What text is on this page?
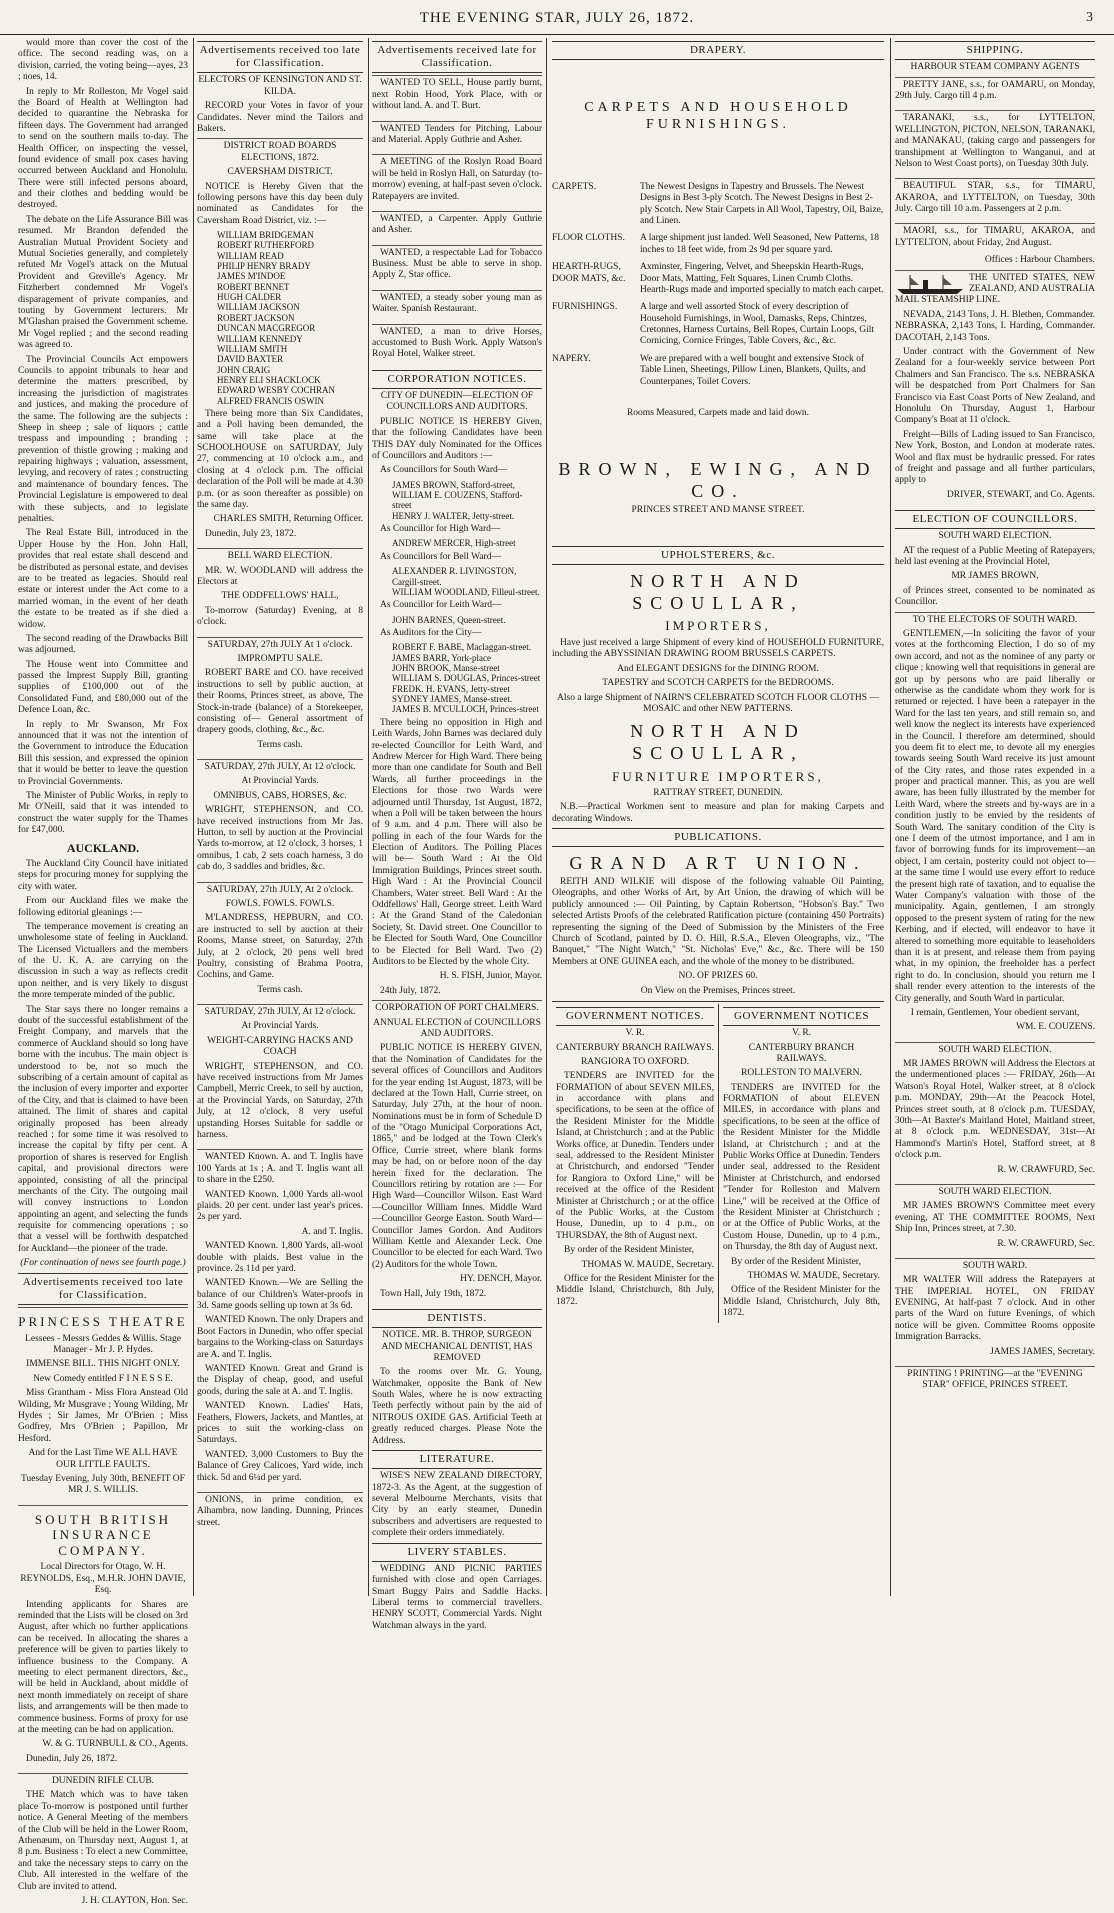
THE EVENING STAR, JULY 26, 1872.	3

would more than cover the cost of the office. The second reading was, on a division, carried, the voting being—ayes, 23 ; noes, 14.

In reply to Mr Rolleston, Mr Vogel said the Board of Health at Wellington had decided to quarantine the Nebraska for fifteen days. The Government had arranged to send on the southern mails to-day. The Health Officer, on inspecting the vessel, found evidence of small pox cases having occurred between Auckland and Honolulu. There were still infected persons aboard, and their clothes and bedding would be destroyed.

The debate on the Life Assurance Bill was resumed. Mr Brandon defended the Australian Mutual Provident Society and Mutual Societies generally, and completely refuted Mr Vogel's attack on the Mutual Provident and Greville's Agency. Mr Fitzherbert condemned Mr Vogel's disparagement of private companies, and touting by Government lecturers. Mr M'Glashan praised the Government scheme. Mr Vogel replied ; and the second reading was agreed to.

The Provincial Councils Act empowers Councils to appoint tribunals to hear and determine the matters prescribed, by increasing the jurisdiction of magistrates and justices, and making the procedure of the same. The following are the subjects : Sheep in sheep ; sale of liquors ; cattle trespass and impounding ; branding ; prevention of thistle growing ; making and repairing highways ; valuation, assessment, levying, and recovery of rates ; constructing and maintenance of boundary fences. The Provincial Legislature is empowered to deal with these subjects, and to legislate penalties.

The Real Estate Bill, introduced in the Upper House by the Hon. John Hall, provides that real estate shall descend and be distributed as personal estate, and devises are to be treated as legacies. Should real estate or interest under the Act come to a married woman, in the event of her death the estate to be treated as if she died a widow.

The second reading of the Drawbacks Bill was adjourned.

The House went into Committee and passed the Imprest Supply Bill, granting supplies of £100,000 out of the Consolidated Fund, and £80,000 out of the Defence Loan, &c.

In reply to Mr Swanson, Mr Fox announced that it was not the intention of the Government to introduce the Education Bill this session, and expressed the opinion that it would be better to leave the question to Provincial Governments.

The Minister of Public Works, in reply to Mr O'Neill, said that it was intended to construct the water supply for the Thames for £47,000.

AUCKLAND.

The Auckland City Council have initiated steps for procuring money for supplying the city with water.

From our Auckland files we make the following editorial gleanings :—

The temperance movement is creating an unwholesome state of feeling in Auckland. The Licensed Victuallers and the members of the U. K. A. are carrying on the discussion in such a way as reflects credit upon neither, and is very likely to disgust the more temperate minded of the public.

The Star says there no longer remains a doubt of the successful establishment of the Freight Company, and marvels that the commerce of Auckland should so long have borne with the incubus. The main object is understood to be, not so much the subscribing of a certain amount of capital as the inclusion of every importer and exporter of the City, and that is claimed to have been attained. The limit of shares and capital originally proposed has been already reached ; for some time it was resolved to increase the capital by fifty per cent. A proportion of shares is reserved for English capital, and provisional directors were appointed, consisting of all the principal merchants of the City. The outgoing mail will convey instructions to London appointing an agent, and selecting the funds requisite for commencing operations ; so that a vessel will be forthwith despatched for Auckland—the pioneer of the trade.

(For continuation of news see fourth page.)

Advertisements received too late for Classification.
PRINCESS THEATRE

Lessees - Messrs Geddes & Willis. Stage Manager - Mr J. P. Hydes.

IMMENSE BILL. THIS NIGHT ONLY.

New Comedy entitled F I N E S S E.

Miss Grantham - Miss Flora Anstead Old Wilding, Mr Musgrave ; Young Wilding, Mr Hydes ; Sir James, Mr O'Brien ; Miss Godfrey, Mrs O'Brien ; Papillon, Mr Hesford.

And for the Last Time WE ALL HAVE OUR LITTLE FAULTS.

Tuesday Evening, July 30th, BENEFIT OF MR J. S. WILLIS.

SOUTH BRITISH INSURANCE COMPANY.

Local Directors for Otago, W. H. REYNOLDS, Esq., M.H.R. JOHN DAVIE, Esq.

Intending applicants for Shares are reminded that the Lists will be closed on 3rd August, after which no further applications can be received. In allocating the shares a preference will be given to parties likely to influence business to the Company. A meeting to elect permanent directors, &c., will be held in Auckland, about middle of next month immediately on receipt of share lists, and arrangements will be then made to commence business. Forms of proxy for use at the meeting can be had on application.

W. & G. TURNBULL & CO., Agents.

Dunedin, July 26, 1872.

DUNEDIN RIFLE CLUB.

THE Match which was to have taken place To-morrow is postponed until further notice. A General Meeting of the members of the Club will be held in the Lower Room, Athenæum, on Thursday next, August 1, at 8 p.m. Business : To elect a new Committee, and take the necessary steps to carry on the Club. All interested in the welfare of the Club are invited to attend.

J. H. CLAYTON, Hon. Sec.

Advertisements received too late for Classification.

ELECTORS OF KENSINGTON AND ST. KILDA.

RECORD your Votes in favor of your Candidates. Never mind the Tailors and Bakers.

DISTRICT ROAD BOARDS ELECTIONS, 1872.

CAVERSHAM DISTRICT.

NOTICE is Hereby Given that the following persons have this day been duly nominated as Candidates for the Caversham Road District, viz. :—

WILLIAM BRIDGEMAN
ROBERT RUTHERFORD
WILLIAM READ
PHILIP HENRY BRADY
JAMES M'INDOE
ROBERT BENNET
HUGH CALDER
WILLIAM JACKSON
ROBERT JACKSON
DUNCAN MACGREGOR
WILLIAM KENNEDY
WILLIAM SMITH
DAVID BAXTER
JOHN CRAIG
HENRY ELI SHACKLOCK
EDWARD WESBY COCHRAN
ALFRED FRANCIS OSWIN

There being more than Six Candidates, and a Poll having been demanded, the same will take place at the SCHOOLHOUSE on SATURDAY, July 27, commencing at 10 o'clock a.m., and closing at 4 o'clock p.m. The official declaration of the Poll will be made at 4.30 p.m. (or as soon thereafter as possible) on the same day.

CHARLES SMITH, Returning Officer.

Dunedin, July 23, 1872.

BELL WARD ELECTION.

MR. W. WOODLAND will address the Electors at

THE ODDFELLOWS' HALL,

To-morrow (Saturday) Evening, at 8 o'clock.

SATURDAY, 27th JULY At 1 o'clock.

IMPROMPTU SALE.

ROBERT BARE and CO. have received instructions to sell by public auction, at their Rooms, Princes street, as above, The Stock-in-trade (balance) of a Storekeeper, consisting of— General assortment of drapery goods, clothing, &c., &c.

Terms cash.

SATURDAY, 27th JULY, At 12 o'clock.

At Provincial Yards.

OMNIBUS, CABS, HORSES, &c.

WRIGHT, STEPHENSON, and CO. have received instructions from Mr Jas. Hutton, to sell by auction at the Provincial Yards to-morrow, at 12 o'clock, 3 horses, 1 omnibus, 1 cab, 2 sets coach harness, 3 do cab do, 3 saddles and bridles, &c.

SATURDAY, 27th JULY, At 2 o'clock.

FOWLS. FOWLS. FOWLS.

M'LANDRESS, HEPBURN, and CO. are instructed to sell by auction at their Rooms, Manse street, on Saturday, 27th July, at 2 o'clock, 20 pens well bred Poultry, consisting of Brahma Pootra, Cochins, and Game.

Terms cash.

SATURDAY, 27th JULY, At 12 o'clock.

At Provincial Yards.

WEIGHT-CARRYING HACKS AND COACH

WRIGHT, STEPHENSON, and CO. have received instructions from Mr James Campbell, Merric Creek, to sell by auction, at the Provincial Yards, on Saturday, 27th July, at 12 o'clock, 8 very useful upstanding Horses Suitable for saddle or harness.

WANTED Known. A. and T. Inglis have 100 Yards at 1s ; A. and T. Inglis want all to share in the £250.

WANTED Known. 1,000 Yards all-wool plaids. 20 per cent. under last year's prices. 2s per yard.

A. and T. Inglis.

WANTED Known. 1,800 Yards, all-wool double with plaids. Best value in the province. 2s 11d per yard.

WANTED Known.—We are Selling the balance of our Children's Water-proofs in 3d. Same goods selling up town at 3s 6d.

WANTED Known. The only Drapers and Boot Factors in Dunedin, who offer special bargains to the Working-class on Saturdays are A. and T. Inglis.

WANTED Known. Great and Grand is the Display of cheap, good, and useful goods, during the sale at A. and T. Inglis.

WANTED Known. Ladies' Hats, Feathers, Flowers, Jackets, and Mantles, at prices to suit the working-class on Saturdays.

WANTED. 3,000 Customers to Buy the Balance of Grey Calicoes, Yard wide, inch thick. 5d and 6¼d per yard.

ONIONS, in prime condition, ex Alhambra, now landing. Dunning, Princes street.

Advertisements received late for Classification.

WANTED TO SELL, House partly burnt, next Robin Hood, York Place, with or without land. A. and T. Burt.

WANTED Tenders for Pitching, Labour and Material. Apply Guthrie and Asher.

A MEETING of the Roslyn Road Board will be held in Roslyn Hall, on Saturday (to-morrow) evening, at half-past seven o'clock. Ratepayers are invited.

WANTED, a Carpenter. Apply Guthrie and Asher.

WANTED, a respectable Lad for Tobacco Business. Must be able to serve in shop. Apply Z, Star office.

WANTED, a steady sober young man as Waiter. Spanish Restaurant.

WANTED, a man to drive Horses, accustomed to Bush Work. Apply Watson's Royal Hotel, Walker street.

CORPORATION NOTICES.

CITY OF DUNEDIN—ELECTION OF COUNCILLORS AND AUDITORS.

PUBLIC NOTICE IS HEREBY Given, that the following Candidates have been THIS DAY duly Nominated for the Offices of Councillors and Auditors :—

As Councillors for South Ward—

JAMES BROWN, Stafford-street,
WILLIAM E. COUZENS, Stafford-street
HENRY J. WALTER, Jetty-street.

As Councillor for High Ward—

ANDREW MERCER, High-street

As Councillors for Bell Ward—

ALEXANDER R. LIVINGSTON, Cargill-street.
WILLIAM WOODLAND, Filleul-street.

As Councillor for Leith Ward—

JOHN BARNES, Queen-street.

As Auditors for the City—

ROBERT F. BABE, Maclaggan-street.
JAMES BARR, York-place
JOHN BROOK, Manse-street
WILLIAM S. DOUGLAS, Princes-street
FREDK. H. EVANS, Jetty-street
SYDNEY JAMES, Manse-street.
JAMES B. M'CULLOCH, Princes-street

There being no opposition in High and Leith Wards, John Barnes was declared duly re-elected Councillor for Leith Ward, and Andrew Mercer for High Ward. There being more than one candidate for South and Bell Wards, all further proceedings in the Elections for those two Wards were adjourned until Thursday, 1st August, 1872, when a Poll will be taken between the hours of 9 a.m. and 4 p.m. There will also be polling in each of the four Wards for the Election of Auditors. The Polling Places will be— South Ward : At the Old Immigration Buildings, Princes street south. High Ward : At the Provincial Council Chambers, Water street. Bell Ward : At the Oddfellows' Hall, George street. Leith Ward : At the Grand Stand of the Caledonian Society, St. David street. One Councillor to be Elected for South Ward, One Councillor to be Elected for Bell Ward. Two (2) Auditors to be Elected by the whole City.

H. S. FISH, Junior, Mayor.

24th July, 1872.

CORPORATION OF PORT CHALMERS.

ANNUAL ELECTION of COUNCILLORS AND AUDITORS.

PUBLIC NOTICE IS HEREBY GIVEN, that the Nomination of Candidates for the several offices of Councillors and Auditors for the year ending 1st August, 1873, will be declared at the Town Hall, Currie street, on Saturday, July 27th, at the hour of noon. Nominations must be in form of Schedule D of the "Otago Municipal Corporations Act, 1865," and be lodged at the Town Clerk's Office, Currie street, where blank forms may be had, on or before noon of the day herein fixed for the declaration. The Councillors retiring by rotation are :— For High Ward—Councillor Wilson. East Ward—Councillor William Innes. Middle Ward—Councillor George Easton. South Ward—Councillor James Gordon. And Auditors William Kettle and Alexander Leck. One Councillor to be elected for each Ward. Two (2) Auditors for the whole Town.

HY. DENCH, Mayor.

Town Hall, July 19th, 1872.

DENTISTS.

NOTICE. MR. B. THROP, SURGEON AND MECHANICAL DENTIST, HAS REMOVED

To the rooms over Mr. G. Young, Watchmaker, opposite the Bank of New South Wales, where he is now extracting Teeth perfectly without pain by the aid of NITROUS OXIDE GAS. Artificial Teeth at greatly reduced charges. Please Note the Address.

LITERATURE.

WISE'S NEW ZEALAND DIRECTORY, 1872-3. As the Agent, at the suggestion of several Melbourne Merchants, visits that City by an early steamer, Dunedin subscribers and advertisers are requested to complete their orders immediately.

LIVERY STABLES.

WEDDING AND PICNIC PARTIES furnished with close and open Carriages. Smart Buggy Pairs and Saddle Hacks. Liberal terms to commercial travellers. HENRY SCOTT, Commercial Yards. Night Watchman always in the yard.

DRAPERY.
CARPETS AND HOUSEHOLD FURNISHINGS.
CARPETS.	The Newest Designs in Tapestry and Brussels. The Newest Designs in Best 3-ply Scotch. The Newest Designs in Best 2-ply Scotch. New Stair Carpets in All Wool, Tapestry, Oil, Baize, and Linen.
FLOOR CLOTHS.	A large shipment just landed. Well Seasoned, New Patterns, 18 inches to 18 feet wide, from 2s 9d per square yard.
HEARTH-RUGS, DOOR MATS, &c.
Axminster, Fingering, Velvet, and Sheepskin Hearth-Rugs, Door Mats, Matting, Felt Squares, Linen Crumb Cloths. Hearth-Rugs made and imported specially to match each carpet.
FURNISHINGS.	A large and well assorted Stock of every description of Household Furnishings, in Wool, Damasks, Reps, Chintzes, Cretonnes, Harness Curtains, Bell Ropes, Curtain Loops, Gilt Cornicing, Cornice Fringes, Table Covers, &c., &c.
NAPERY.	We are prepared with a well bought and extensive Stock of Table Linen, Sheetings, Pillow Linen, Blankets, Quilts, and Counterpanes, Toilet Covers.

Rooms Measured, Carpets made and laid down.

BROWN, EWING, AND CO.

PRINCES STREET AND MANSE STREET.

UPHOLSTERERS, &c.
NORTH AND SCOULLAR,
IMPORTERS,

Have just received a large Shipment of every kind of HOUSEHOLD FURNITURE, including the ABYSSINIAN DRAWING ROOM BRUSSELS CARPETS.

And ELEGANT DESIGNS for the DINING ROOM.

TAPESTRY and SCOTCH CARPETS for the BEDROOMS.

Also a large Shipment of NAIRN'S CELEBRATED SCOTCH FLOOR CLOTHS — MOSAIC and other NEW PATTERNS.

NORTH AND SCOULLAR,
FURNITURE IMPORTERS,

RATTRAY STREET, DUNEDIN.

N.B.—Practical Workmen sent to measure and plan for making Carpets and decorating Windows.

PUBLICATIONS.
GRAND ART UNION.

REITH AND WILKIE will dispose of the following valuable Oil Painting, Oleographs, and other Works of Art, by Art Union, the drawing of which will be publicly announced :— Oil Painting, by Captain Robertson, "Hobson's Bay." Two selected Artists Proofs of the celebrated Ratification picture (containing 450 Portraits) representing the signing of the Deed of Submission by the Ministers of the Free Church of Scotland, painted by D. O. Hill, R.S.A., Eleven Oleographs, viz., "The Banquet," "The Night Watch," "St. Nicholas' Eve," &c., &c. There will be 150 Members at ONE GUINEA each, and the whole of the money to be distributed.

NO. OF PRIZES 60.

On View on the Premises, Princes street.

GOVERNMENT NOTICES.

V. R.

CANTERBURY BRANCH RAILWAYS.

RANGIORA TO OXFORD.

TENDERS are INVITED for the FORMATION of about SEVEN MILES, in accordance with plans and specifications, to be seen at the office of the Resident Minister for the Middle Island, at Christchurch ; and at the Public Works office, at Dunedin. Tenders under seal, addressed to the Resident Minister at Christchurch, and endorsed "Tender for Rangiora to Oxford Line," will be received at the office of the Resident Minister at Christchurch ; or at the office of the Public Works, at the Custom House, Dunedin, up to 4 p.m., on THURSDAY, the 8th of August next.

By order of the Resident Minister,

THOMAS W. MAUDE, Secretary.

Office for the Resident Minister for the Middle Island, Christchurch, 8th July, 1872.

GOVERNMENT NOTICES

V. R.

CANTERBURY BRANCH RAILWAYS.

ROLLESTON TO MALVERN.

TENDERS are INVITED for the FORMATION of about ELEVEN MILES, in accordance with plans and specifications, to be seen at the office of the Resident Minister for the Middle Island, at Christchurch ; and at the Public Works Office at Dunedin. Tenders under seal, addressed to the Resident Minister at Christchurch, and endorsed "Tender for Rolleston and Malvern Line," will be received at the Office of the Resident Minister at Christchurch ; or at the Office of Public Works, at the Custom House, Dunedin, up to 4 p.m., on Thursday, the 8th day of August next.

By order of the Resident Minister,

THOMAS W. MAUDE, Secretary.

Office of the Resident Minister for the Middle Island, Christchurch, July 8th, 1872.

SHIPPING.

HARBOUR STEAM COMPANY AGENTS

PRETTY JANE, s.s., for OAMARU, on Monday, 29th July. Cargo till 4 p.m.

TARANAKI, s.s., for LYTTELTON, WELLINGTON, PICTON, NELSON, TARANAKI, and MANAKAU, (taking cargo and passengers for transhipment at Wellington to Wanganui, and at Nelson to West Coast ports), on Tuesday 30th July.

BEAUTIFUL STAR, s.s., for TIMARU, AKAROA, and LYTTELTON, on Tuesday, 30th July. Cargo till 10 a.m. Passengers at 2 p.m.

MAORI, s.s., for TIMARU, AKAROA, and LYTTELTON, about Friday, 2nd August.

Offices : Harbour Chambers.

THE UNITED STATES, NEW ZEALAND, AND AUSTRALIA MAIL STEAMSHIP LINE.

NEVADA, 2143 Tons, J. H. Blethen, Commander. NEBRASKA, 2,143 Tons, I. Harding, Commander. DACOTAH, 2,143 Tons.

Under contract with the Government of New Zealand for a four-weekly service between Port Chalmers and San Francisco. The s.s. NEBRASKA will be despatched from Port Chalmers for San Francisco via East Coast Ports of New Zealand, and Honolulu On Thursday, August 1, Harbour Company's Boat at 11 o'clock.

Freight—Bills of Lading issued to San Francisco, New York, Boston, and London at moderate rates. Wool and flax must be hydraulic pressed. For rates of freight and passage and all further particulars, apply to

DRIVER, STEWART, and Co. Agents.

ELECTION OF COUNCILLORS.

SOUTH WARD ELECTION.

AT the request of a Public Meeting of Ratepayers, held last evening at the Provincial Hotel,

MR JAMES BROWN,

of Princes street, consented to be nominated as Councillor.

TO THE ELECTORS OF SOUTH WARD.

GENTLEMEN,—In soliciting the favor of your votes at the forthcoming Election, I do so of my own accord, and not as the nominee of any party or clique ; knowing well that requisitions in general are got up by persons who are paid liberally or otherwise as the candidate whom they work for is returned or rejected. I have been a ratepayer in the Ward for the last ten years, and still remain so, and well know the neglect its interests have experienced in the Council. I therefore am determined, should you deem fit to elect me, to devote all my energies towards seeing South Ward receive its just amount of the City rates, and those rates expended in a proper and practical manner. This, as you are well aware, has been fully illustrated by the member for Leith Ward, where the streets and by-ways are in a condition justly to be envied by the residents of South Ward. The sanitary condition of the City is one I deem of the utmost importance, and I am in favor of borrowing funds for its improvement—an object, I am certain, posterity could not object to—at the same time I would use every effort to reduce the present high rate of taxation, and to equalise the Water Company's valuation with those of the municipality. Again, gentlemen, I am strongly opposed to the present system of rating for the new Kerbing, and if elected, will endeavor to have it altered to something more equitable to leaseholders than it is at present, and release them from paying what, in my opinion, the freeholder has a perfect right to do. In conclusion, should you return me I shall render every attention to the interests of the City generally, and South Ward in particular.

I remain, Gentlemen, Your obedient servant,

WM. E. COUZENS.

SOUTH WARD ELECTION.

MR JAMES BROWN will Address the Electors at the undermentioned places :— FRIDAY, 26th—At Watson's Royal Hotel, Walker street, at 8 o'clock p.m. MONDAY, 29th—At the Peacock Hotel, Princes street south, at 8 o'clock p.m. TUESDAY, 30th—At Baxter's Maitland Hotel, Maitland street, at 8 o'clock p.m. WEDNESDAY, 31st—At Hammond's Martin's Hotel, Stafford street, at 8 o'clock p.m.

R. W. CRAWFURD, Sec.

SOUTH WARD ELECTION.

MR JAMES BROWN'S Committee meet every evening, AT THE COMMITTEE ROOMS, Next Ship Inn, Princes street, at 7.30.

R. W. CRAWFURD, Sec.

SOUTH WARD.

MR WALTER Will address the Ratepayers at THE IMPERIAL HOTEL, ON FRIDAY EVENING, At half-past 7 o'clock. And in other parts of the Ward on future Evenings, of which notice will be given. Committee Rooms opposite Immigration Barracks.

JAMES JAMES, Secretary.

PRINTING ! PRINTING—at the "EVENING STAR" OFFICE, PRINCES STREET.
